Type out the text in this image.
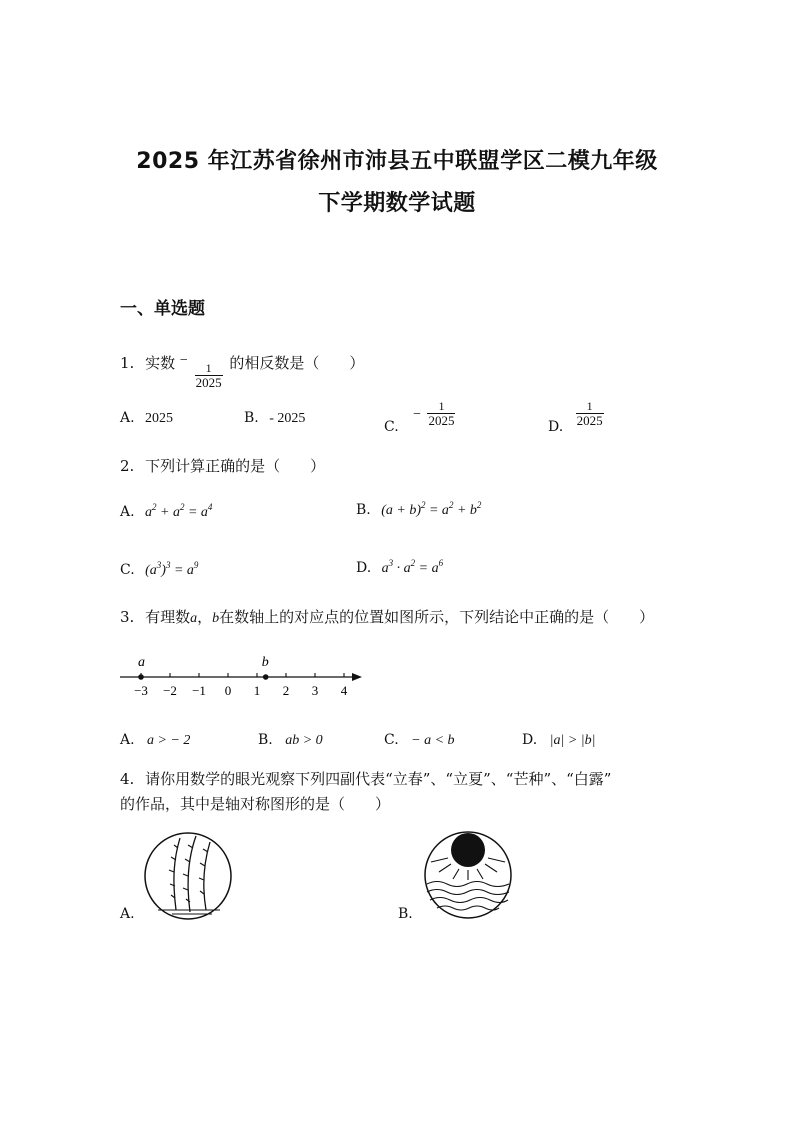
2025 年江苏省徐州市沛县五中联盟学区二模九年级
下学期数学试题
一、单选题
1. 实数 −
$\frac{1}{2025}$ 的相反数是（　　）
A. 2025	B. - 2025	C. − $\frac{1}{2025}$	D. $\frac{1}{2025}$
2. 下列计算正确的是（　　）
A. $a^2 + a^2 = a^4$	B. $(a + b)^2 = a^2 + b^2$
C. $(a^3)^3 = a^9$	D. $a^3 \cdot a^2 = a^6$
3. 有理数a，b在数轴上的对应点的位置如图所示，下列结论中正确的是（　　）
−3 −2 −1 0 1 2 3 4
a	b
A. a > − 2	B. ab > 0	C. − a < b	D. |a| > |b|
4. 请你用数学的眼光观察下列四副代表“立春”、“立夏”、“芒种”、“白露”
的作品，其中是轴对称图形的是（　　）
A.	B.
